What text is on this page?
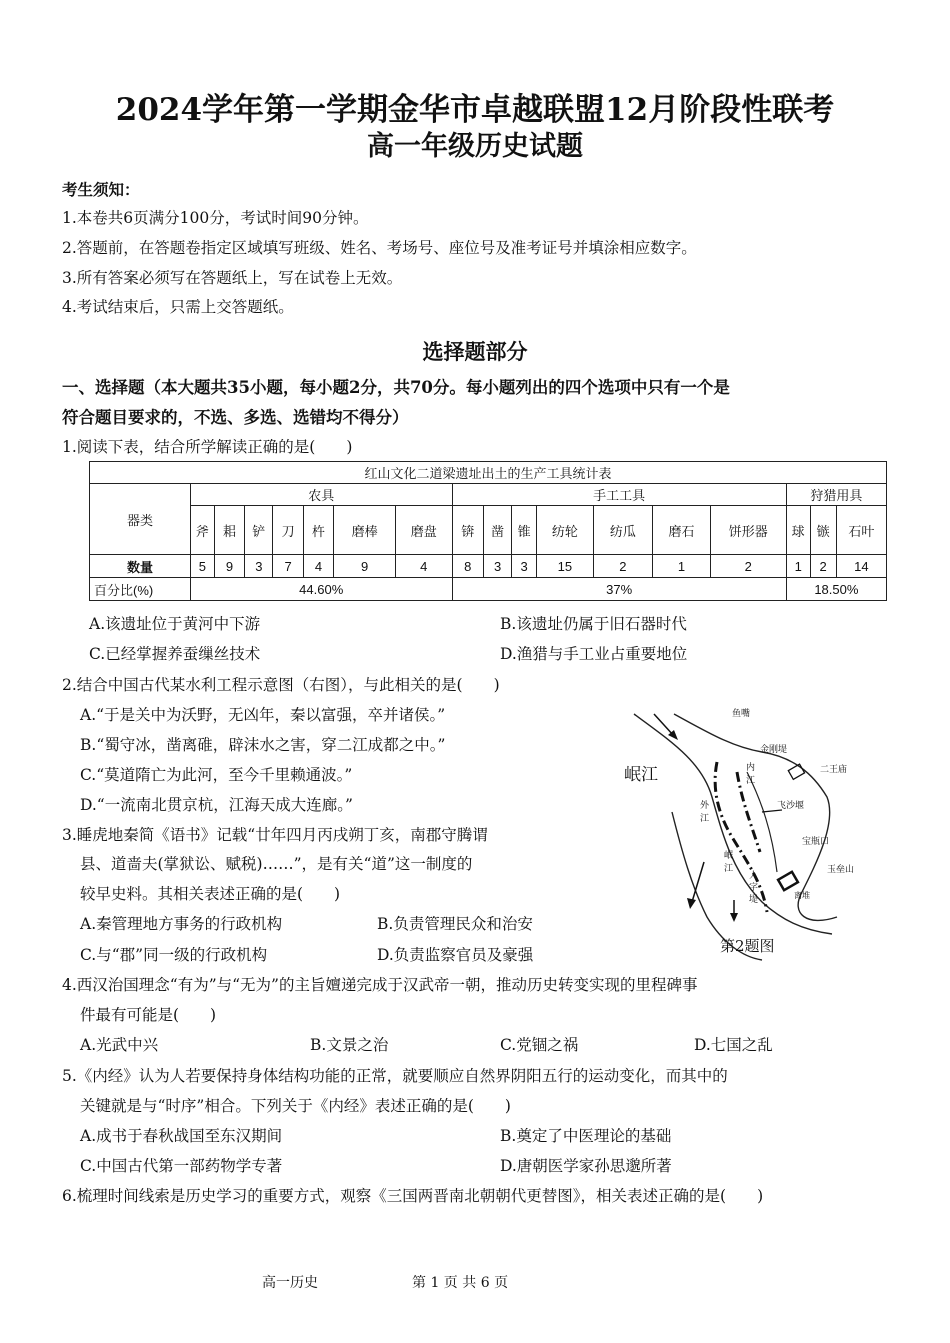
2024学年第一学期金华市卓越联盟12月阶段性联考
高一年级历史试题
考生须知：
1.本卷共6页满分100分，考试时间90分钟。
2.答题前，在答题卷指定区域填写班级、姓名、考场号、座位号及准考证号并填涂相应数字。
3.所有答案必须写在答题纸上，写在试卷上无效。
4.考试结束后，只需上交答题纸。
选择题部分
一、选择题（本大题共35小题，每小题2分，共70分。每小题列出的四个选项中只有一个是
符合题目要求的，不选、多选、选错均不得分）
1.阅读下表，结合所学解读正确的是(　　)
红山文化二道梁遗址出土的生产工具统计表																	
器类	农具							手工工具							狩猎用具		
	斧	耜	铲	刀	杵	磨棒	磨盘	锛	凿	锥	纺轮	纺瓜	磨石	饼形器	球	镞	石叶
数量	5	9	3	7	4	9	4	8	3	3	15	2	1	2	1	2	14
百分比(%)	44.60%							37%							18.50%		
A.该遗址位于黄河中下游	B.该遗址仍属于旧石器时代
C.已经掌握养蚕缫丝技术	D.渔猎与手工业占重要地位
2.结合中国古代某水利工程示意图（右图），与此相关的是(　　)
A.“于是关中为沃野，无凶年，秦以富强，卒并诸侯。”
B.“蜀守冰，凿离碓，辟沫水之害，穿二江成都之中。”
C.“莫道隋亡为此河，至今千里赖通波。”
D.“一流南北贯京杭，江海天成大连廊。”
岷江
鱼嘴
金刚堤
二王庙
飞沙堰
宝瓶口
玉垒山
离堆
内江
外江
岷江
人字堤
第2题图
3.睡虎地秦简《语书》记载“廿年四月丙戌朔丁亥，南郡守腾谓
县、道啬夫(掌狱讼、赋税)……”，是有关“道”这一制度的
较早史料。其相关表述正确的是(　　)
A.秦管理地方事务的行政机构	B.负责管理民众和治安
C.与“郡”同一级的行政机构	D.负责监察官员及豪强
4.西汉治国理念“有为”与“无为”的主旨嬗递完成于汉武帝一朝，推动历史转变实现的里程碑事
件最有可能是(　　)
A.光武中兴	B.文景之治	C.党锢之祸	D.七国之乱
5.《内经》认为人若要保持身体结构功能的正常，就要顺应自然界阴阳五行的运动变化，而其中的
关键就是与“时序”相合。下列关于《内经》表述正确的是(　　)
A.成书于春秋战国至东汉期间	B.奠定了中医理论的基础
C.中国古代第一部药物学专著	D.唐朝医学家孙思邈所著
6.梳理时间线索是历史学习的重要方式，观察《三国两晋南北朝朝代更替图》，相关表述正确的是(　　)
高一历史	第 1 页 共 6 页
